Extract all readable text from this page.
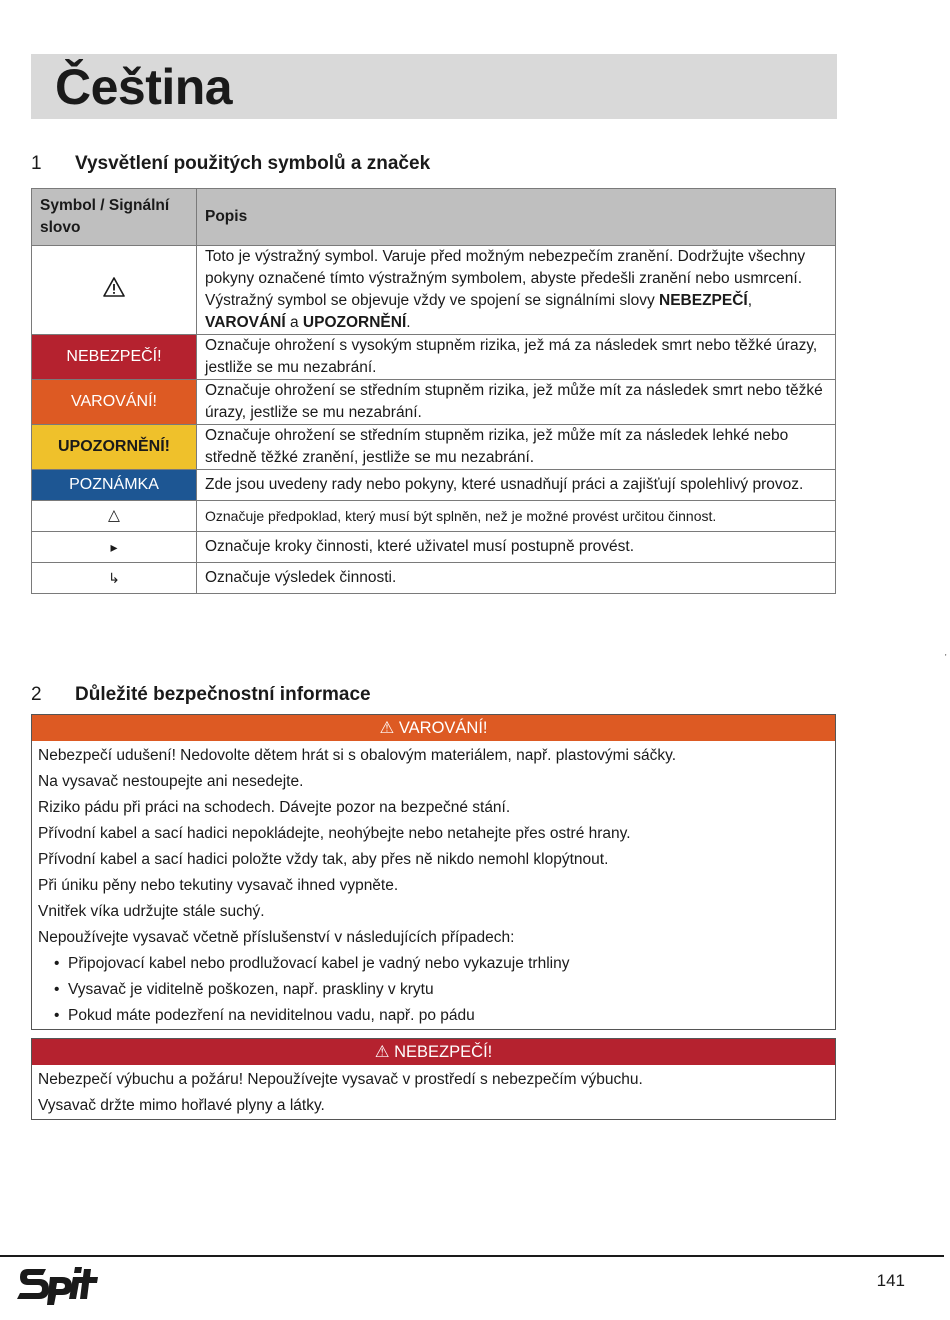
Čeština
1 Vysvětlení použitých symbolů a značek
Symbol / Signální slovo	Popis
	Toto je výstražný symbol. Varuje před možným nebezpečím zranění. Dodržujte všechny pokyny označené tímto výstražným symbolem, abyste předešli zranění nebo usmrcení. Výstražný symbol se objevuje vždy ve spojení se signálními slovy NEBEZPEČÍ, VAROVÁNÍ a UPOZORNĚNÍ.
NEBEZPEČÍ!	Označuje ohrožení s vysokým stupněm rizika, jež má za následek smrt nebo těžké úrazy, jestliže se mu nezabrání.
VAROVÁNÍ!	Označuje ohrožení se středním stupněm rizika, jež může mít za následek smrt nebo těžké úrazy, jestliže se mu nezabrání.
UPOZORNĚNÍ!	Označuje ohrožení se středním stupněm rizika, jež může mít za následek lehké nebo středně těžké zranění, jestliže se mu nezabrání.
POZNÁMKA	Zde jsou uvedeny rady nebo pokyny, které usnadňují práci a zajišťují spolehlivý provoz.
△	Označuje předpoklad, který musí být splněn, než je možné provést určitou činnost.
▸	Označuje kroky činnosti, které uživatel musí postupně provést.
↳	Označuje výsledek činnosti.
2 Důležité bezpečnostní informace
⚠ VAROVÁNÍ!

Nebezpečí udušení! Nedovolte dětem hrát si s obalovým materiálem, např. plastovými sáčky.

Na vysavač nestoupejte ani nesedejte.

Riziko pádu při práci na schodech. Dávejte pozor na bezpečné stání.

Přívodní kabel a sací hadici nepokládejte, neohýbejte nebo netahejte přes ostré hrany.

Přívodní kabel a sací hadici položte vždy tak, aby přes ně nikdo nemohl klopýtnout.

Při úniku pěny nebo tekutiny vysavač ihned vypněte.

Vnitřek víka udržujte stále suchý.

Nepoužívejte vysavač včetně příslušenství v následujících případech:

• Připojovací kabel nebo prodlužovací kabel je vadný nebo vykazuje trhliny
• Vysavač je viditelně poškozen, např. praskliny v krytu
• Pokud máte podezření na neviditelnou vadu, např. po pádu
⚠ NEBEZPEČÍ!

Nebezpečí výbuchu a požáru! Nepoužívejte vysavač v prostředí s nebezpečím výbuchu.

Vysavač držte mimo hořlavé plyny a látky.

'
141
